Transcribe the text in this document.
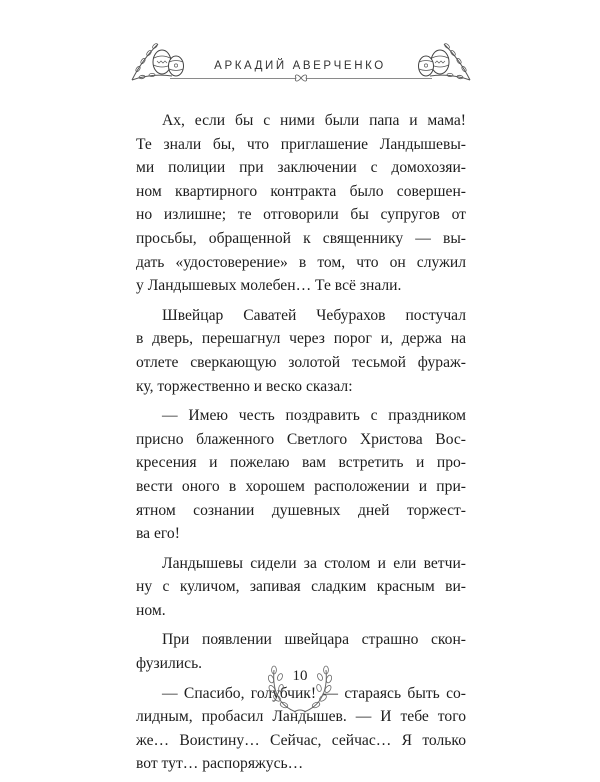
АРКАДИЙ АВЕРЧЕНКО
Ах, если бы с ними были папа и мама!
Те знали бы, что приглашение Ландышевы-
ми полиции при заключении с домохозяи-
ном квартирного контракта было совершен-
но излишне; те отговорили бы супругов от
просьбы, обращенной к священнику — вы-
дать «удостоверение» в том, что он служил
у Ландышевых молебен… Те всё знали.
Швейцар Саватей Чебурахов постучал
в дверь, перешагнул через порог и, держа на
отлете сверкающую золотой тесьмой фураж-
ку, торжественно и веско сказал:
— Имею честь поздравить с праздником
присно блаженного Светлого Христова Вос-
кресения и пожелаю вам встретить и про-
вести оного в хорошем расположении и при-
ятном сознании душевных дней торжест-
ва его!
Ландышевы сидели за столом и ели ветчи-
ну с куличом, запивая сладким красным ви-
ном.
При появлении швейцара страшно скон-
фузились.
— Спасибо, голубчик! — стараясь быть со-
лидным, пробасил Ландышев. — И тебе того
же… Воистину… Сейчас, сейчас… Я только
вот тут… распоряжусь…
10
